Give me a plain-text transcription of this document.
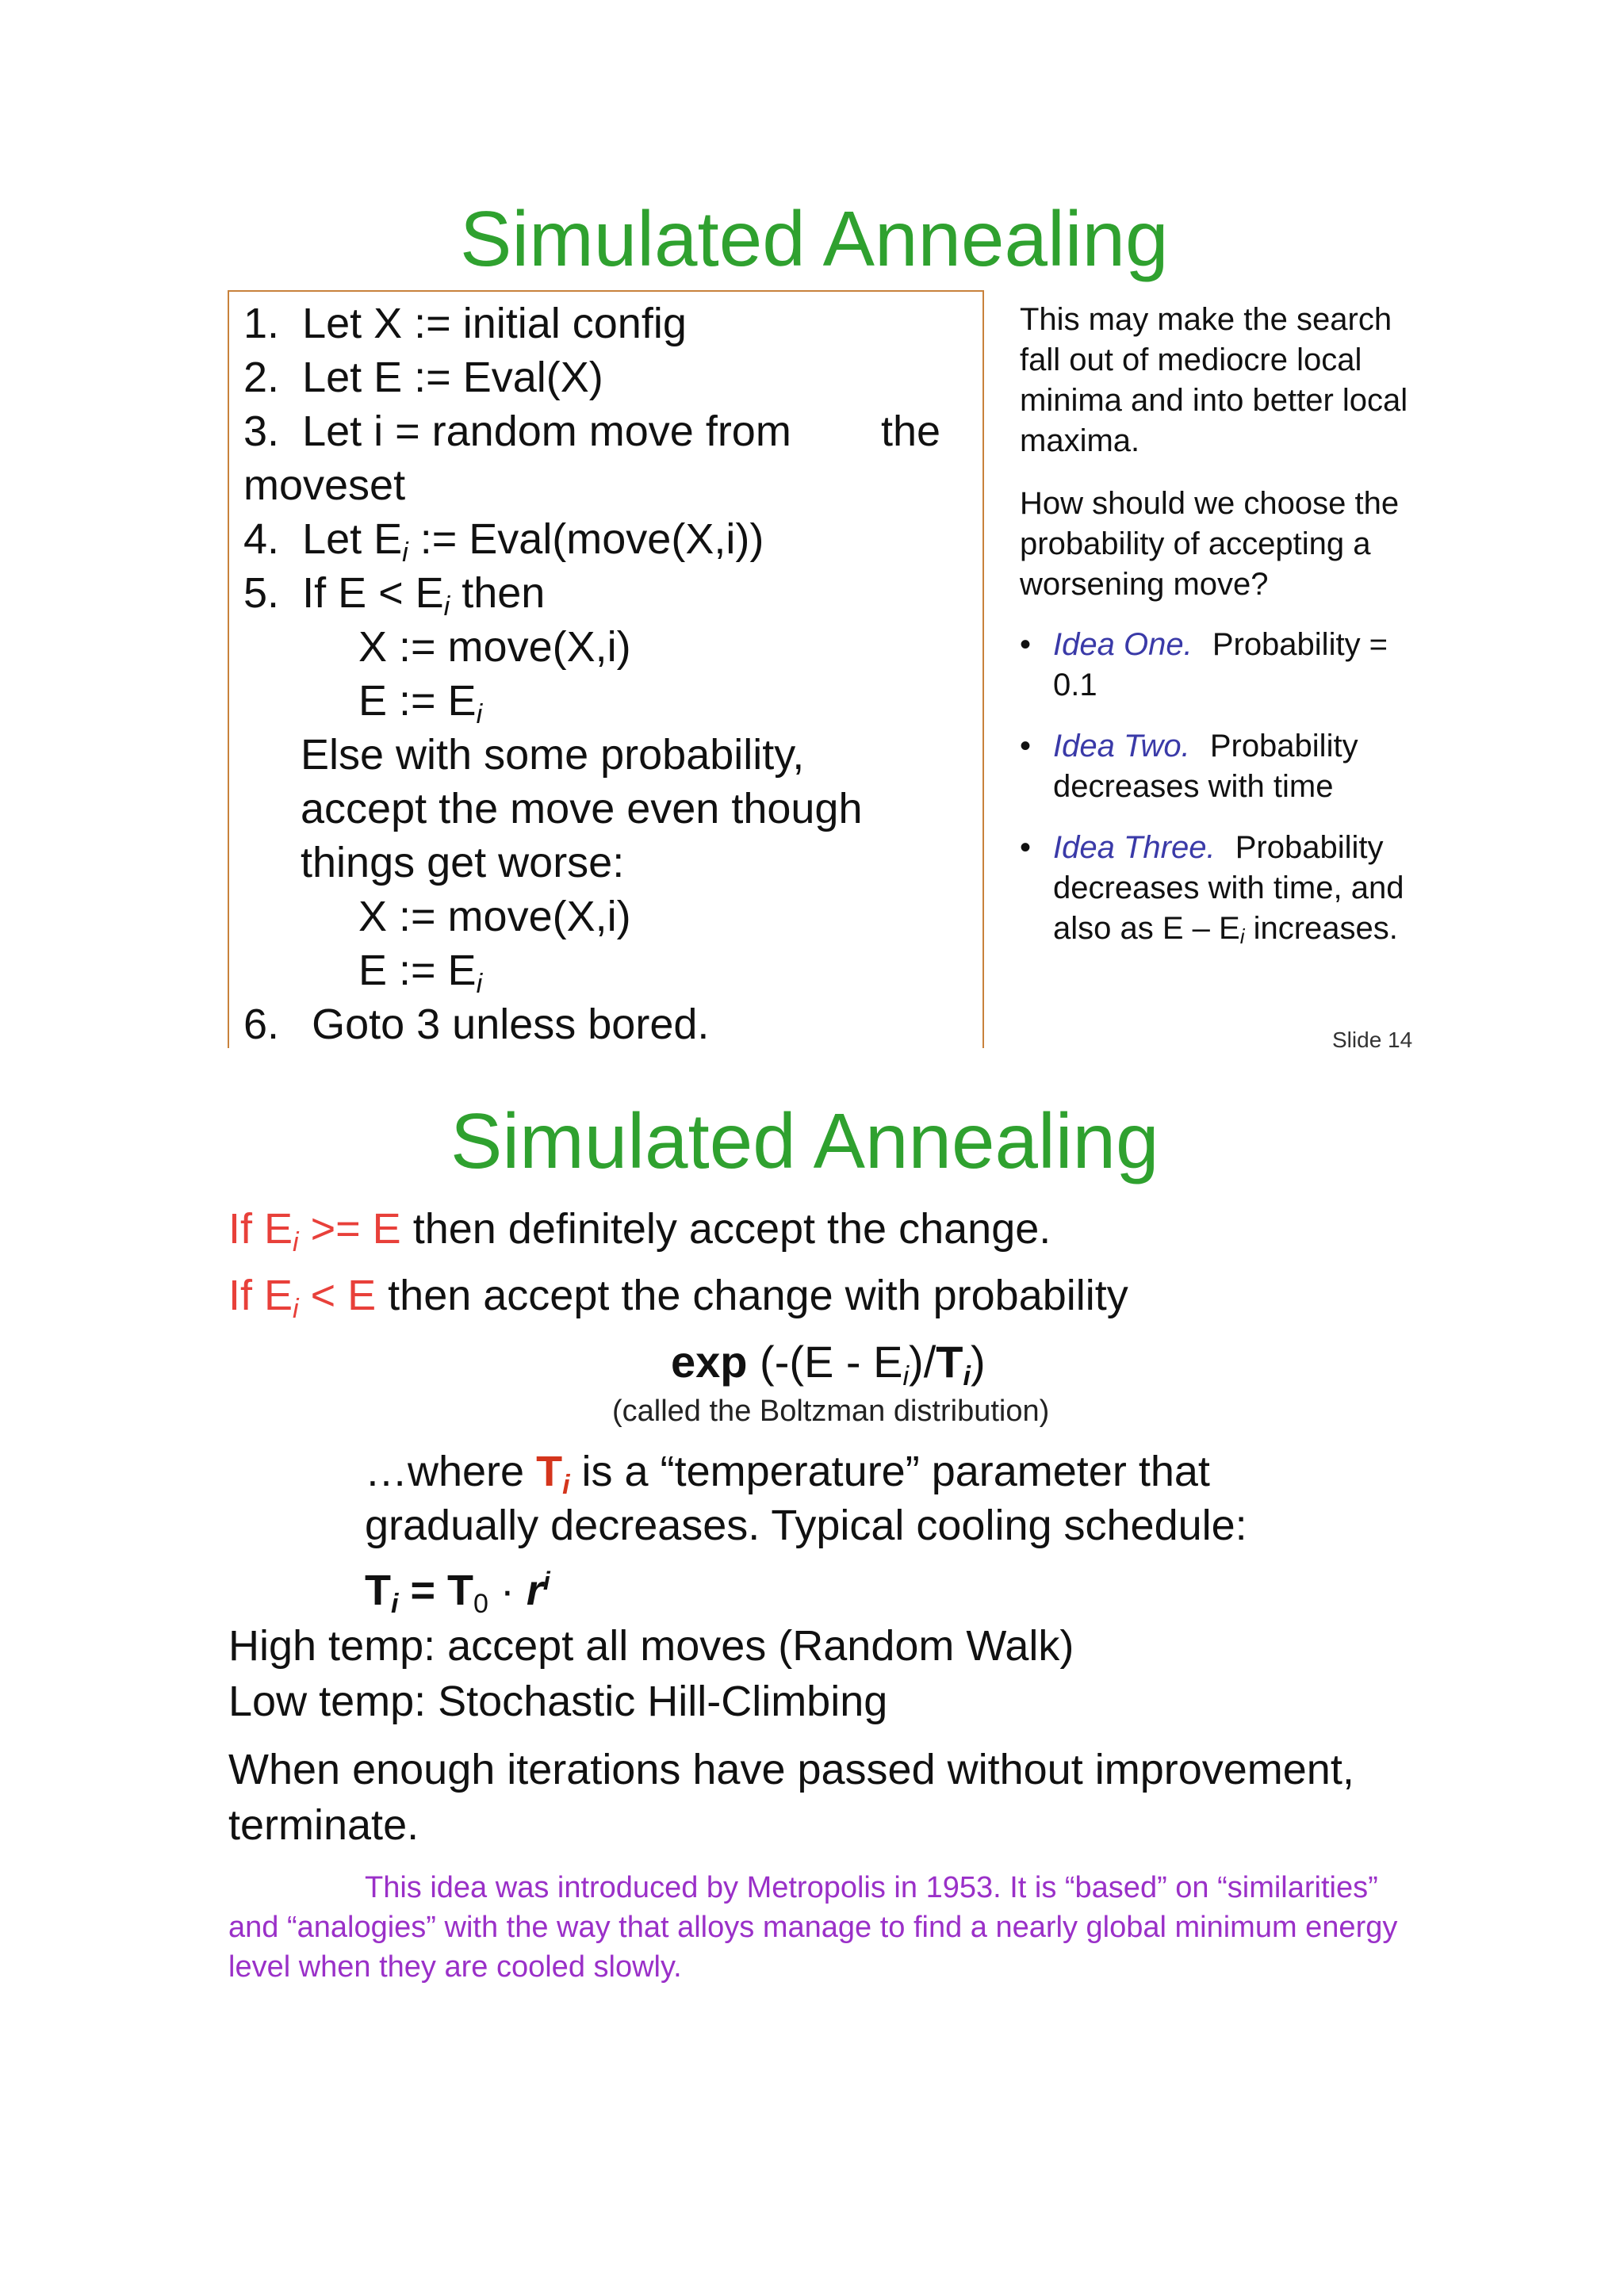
Simulated Annealing
1. Let X := initial config
2. Let E := Eval(X)
3. Let i = random move from the
moveset
4. Let $E_i$ := Eval(move(X,i))
5. If $E < E_i$ then
X := move(X,i)
E := $E_i$
Else with some probability,
accept the move even though
things get worse:
X := move(X,i)
E := $E_i$
6. Goto 3 unless bored.
This may make the search
fall out of mediocre local
minima and into better local
maxima.
How should we choose the
probability of accepting a
worsening move?
• Idea One. Probability =
0.1
• Idea Two. Probability
decreases with time
• Idea Three. Probability
decreases with time, and
also as E – $E_i$ increases.
Slide 14
Simulated Annealing
If $E_i >= E$ then definitely accept the change.
If $E_i < E$ then accept the change with probability
$\exp (-(E - E_i)/T_i)$
(called the Boltzman distribution)
…where $T_i$ is a “temperature” parameter that
gradually decreases. Typical cooling schedule:
$T_i = T_0 \cdot r^i$
High temp: accept all moves (Random Walk)
Low temp: Stochastic Hill-Climbing
When enough iterations have passed without improvement,
terminate.
This idea was introduced by Metropolis in 1953. It is “based” on “similarities”
and “analogies” with the way that alloys manage to find a nearly global minimum energy
level when they are cooled slowly.
